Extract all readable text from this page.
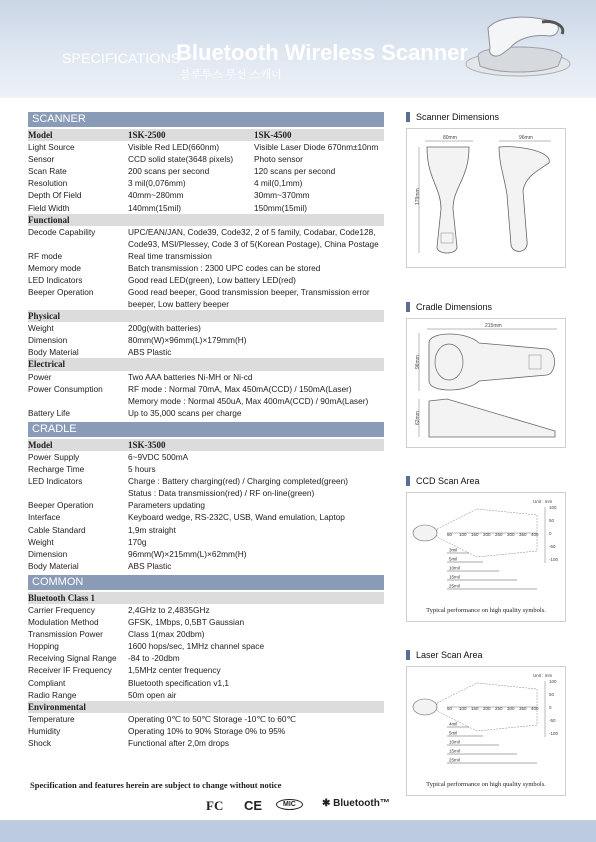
SPECIFICATIONS
Bluetooth Wireless Scanner
블루투스 무선 스캐너
SCANNER
Model	1SK-2500	1SK-4500
Light Source	Visible Red LED(660nm)	Visible Laser Diode 670nm±10nm
Sensor	CCD solid state(3648 pixels)	Photo sensor
Scan Rate	200 scans per second	120 scans per second
Resolution	3 mil(0,076mm)	4 mil(0,1mm)
Depth Of Field	40mm~280mm	30mm~370mm
Field Width	140mm(15mil)	150mm(15mil)
Functional
Decode Capability	UPC/EAN/JAN, Code39, Code32, 2 of 5 family, Codabar, Code128, Code93, MSI/Plessey, Code 3 of 5(Korean Postage), China Postage
RF mode	Real time transmission
Memory mode	Batch transmission : 2300 UPC codes can be stored
LED Indicators	Good read LED(green), Low battery LED(red)
Beeper Operation	Good read beeper, Good transmission beeper, Transmission error beeper, Low battery beeper
Physical
Weight	200g(with batteries)
Dimension	80mm(W)×96mm(L)×179mm(H)
Body Material	ABS Plastic
Electrical
Power	Two AAA batteries Ni-MH or Ni-cd
Power Consumption	RF mode : Normal 70mA, Max 450mA(CCD) / 150mA(Laser)
Memory mode : Normal 450uA, Max 400mA(CCD) / 90mA(Laser)
Battery Life	Up to 35,000 scans per charge
CRADLE
Model	1SK-3500
Power Supply	6~9VDC 500mA
Recharge Time	5 hours
LED Indicators	Charge : Battery charging(red) / Charging completed(green)
Status : Data transmission(red) / RF on-line(green)
Beeper Operation	Parameters updating
Interface	Keyboard wedge, RS-232C, USB, Wand emulation, Laptop
Cable Standard	1,9m straight
Weight	170g
Dimension	96mm(W)×215mm(L)×62mm(H)
Body Material	ABS Plastic
COMMON
Bluetooth Class 1
Carrier Frequency	2,4GHz to 2,4835GHz
Modulation Method	GFSK, 1Mbps, 0,5BT Gaussian
Transmission Power	Class 1(max 20dbm)
Hopping	1600 hops/sec, 1MHz channel space
Receiving Signal Range	-84 to -20dbm
Receiver IF Frequency	1,5MHz center frequency
Compliant	Bluetooth specification v1,1
Radio Range	50m open air
Environmental
Temperature	Operating 0℃ to 50℃ Storage -10℃ to 60℃
Humidity	Operating 10% to 90% Storage 0% to 95%
Shock	Functional after 2,0m drops
Specification and features herein are subject to change without notice
FC CE	MIC	✱ Bluetooth™
Scanner Dimensions
80mm
179mm
96mm
Cradle Dimensions
215mm
96mm
62mm
CCD Scan Area
Unit : mm
100
50
0
-50
-100
50 100 150 200 250 300 350 400
3mil
5mil
10mil
15mil
25mil
Typical performance on high quality symbols.
Laser Scan Area
Unit : mm
100
50
0
-50
-100
50 100 150 200 250 300 350 400
4mil
5mil
10mil
15mil
25mil
Typical performance on high quality symbols.
